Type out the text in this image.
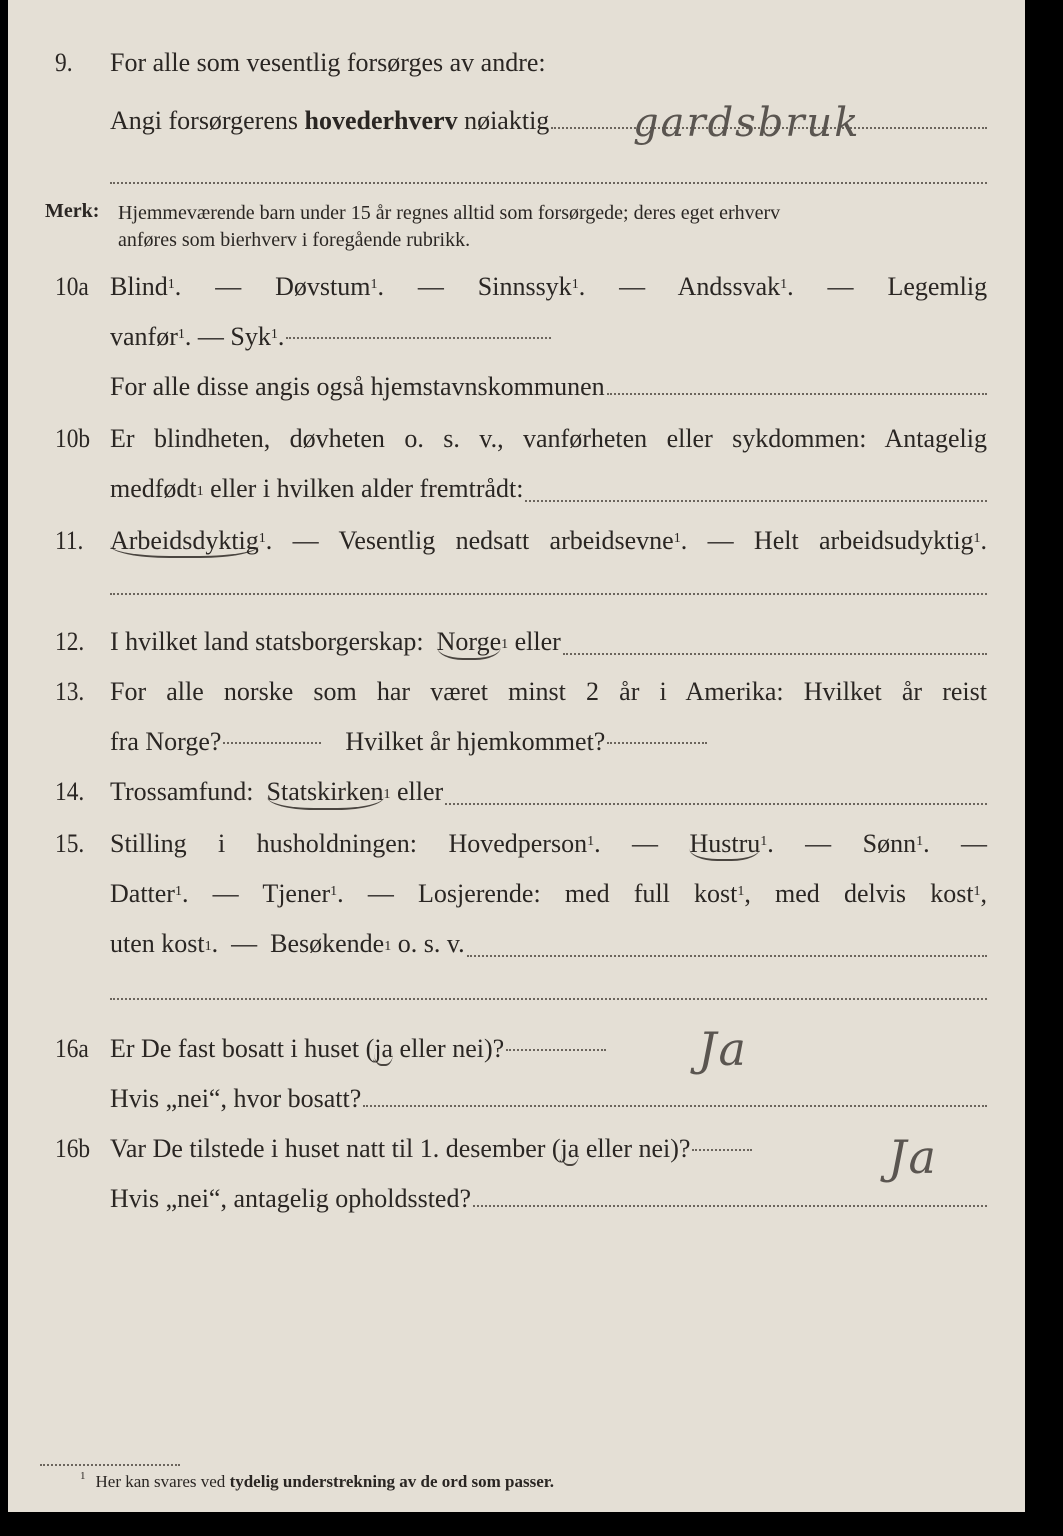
9. For alle som vesentlig forsørges av andre:
Angi forsørgerens
hovederhverv
nøiaktig gardsbruk
Merk: Hjemmeværende barn under 15 år regnes alltid som forsørgede; deres eget erhverv
anføres som bierhverv i foregående rubrikk.
10a Blind$^1$. — Døvstum$^1$. — Sinnssyk$^1$. — Andssvak$^1$. — Legemlig
vanfør$^1$. — Syk$^1$.
For alle disse angis også hjemstavnskommunen
10b Er blindheten, døvheten o. s. v., vanførheten eller sykdommen: Antagelig
medfødt$^1$
eller i hvilken alder fremtrådt:
11. Arbeidsdyktig$^1$. — Vesentlig nedsatt arbeidsevne$^1$. — Helt arbeidsudyktig$^1$.
12. I hvilket land statsborgerskap:
Norge$^1$
eller
13. For alle norske som har været minst 2 år i Amerika: Hvilket år reist
fra Norge?	Hvilket år hjemkommet?
14. Trossamfund:
Statskirken$^1$
eller
15. Stilling i husholdningen: Hovedperson$^1$. — Hustru$^1$. — Sønn$^1$. —
Datter$^1$. — Tjener$^1$. — Losjerende: med full kost$^1$, med delvis kost$^1$,
uten kost$^1$ . —
Besøkende$^1$
o. s. v.
16a Er De fast bosatt i huset (ja eller nei)?	Ja
Hvis „nei“, hvor bosatt?
16b Var De tilstede i huset natt til 1. desember (ja eller nei)?	Ja
Hvis „nei“, antagelig opholdssted?
$^1$ Her kan svares ved tydelig understrekning av de ord som passer.
